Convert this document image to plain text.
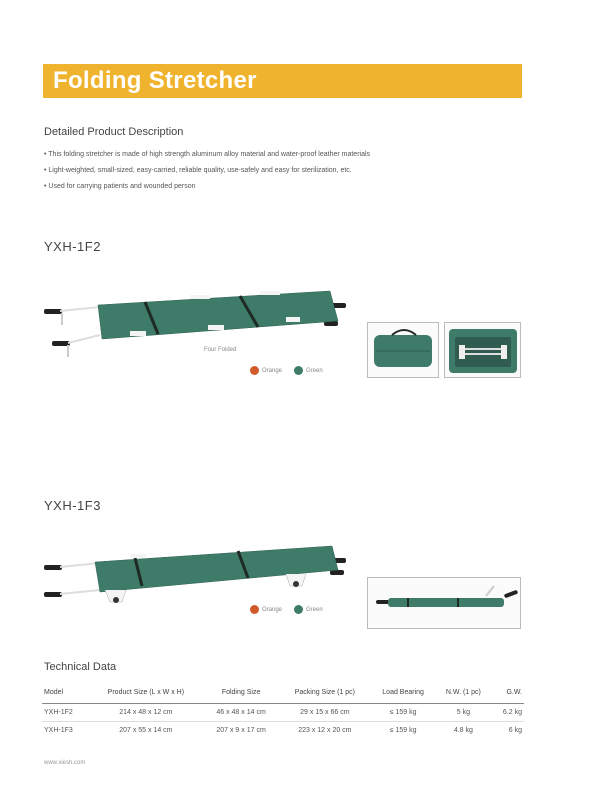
Folding Stretcher
Detailed Product Description
• This folding stretcher is made of high strength aluminum alloy material and water-proof leather materials
• Light-weighted, small-sized, easy-carried, reliable quality, use-safely and easy for sterilization, etc.
• Used for carrying patients and wounded person
YXH-1F2
Four Folded
Orange	Green
YXH-1F3
Orange	Green
Technical Data
Model	Product Size (L x W x H)	Folding Size	Packing Size (1 pc)	Load Bearing	N.W. (1 pc)	G.W.
YXH-1F2	214 x 48 x 12 cm	46 x 48 x 14 cm	29 x 15 x 66 cm	≤ 159 kg	5 kg	6.2 kg
YXH-1F3	207 x 55 x 14 cm	207 x 9 x 17 cm	223 x 12 x 20 cm	≤ 159 kg	4.8 kg	6 kg
www.xiesh.com
